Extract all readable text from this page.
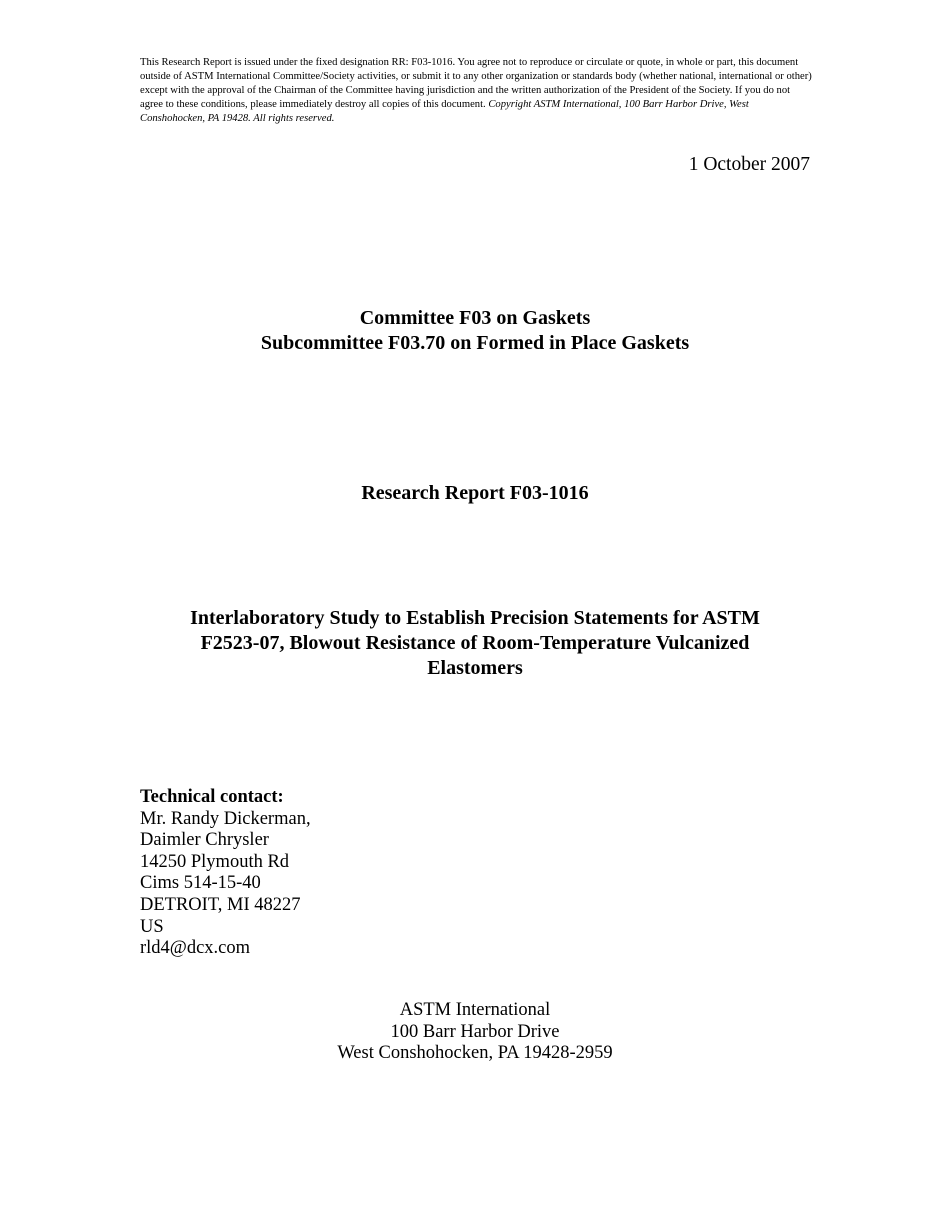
This Research Report is issued under the fixed designation RR: F03-1016. You agree not to reproduce or circulate or quote, in whole or part, this document outside of ASTM International Committee/Society activities, or submit it to any other organization or standards body (whether national, international or other) except with the approval of the Chairman of the Committee having jurisdiction and the written authorization of the President of the Society. If you do not agree to these conditions, please immediately destroy all copies of this document. Copyright ASTM International, 100 Barr Harbor Drive, West Conshohocken, PA 19428. All rights reserved.

1 October 2007
Committee F03 on Gaskets
Subcommittee F03.70 on Formed in Place Gaskets
Research Report F03-1016
Interlaboratory Study to Establish Precision Statements for ASTM
F2523-07, Blowout Resistance of Room-Temperature Vulcanized
Elastomers
Technical contact:
Mr. Randy Dickerman,
Daimler Chrysler
14250 Plymouth Rd
Cims 514-15-40
DETROIT, MI 48227
US
rld4@dcx.com
ASTM International
100 Barr Harbor Drive
West Conshohocken, PA 19428-2959
